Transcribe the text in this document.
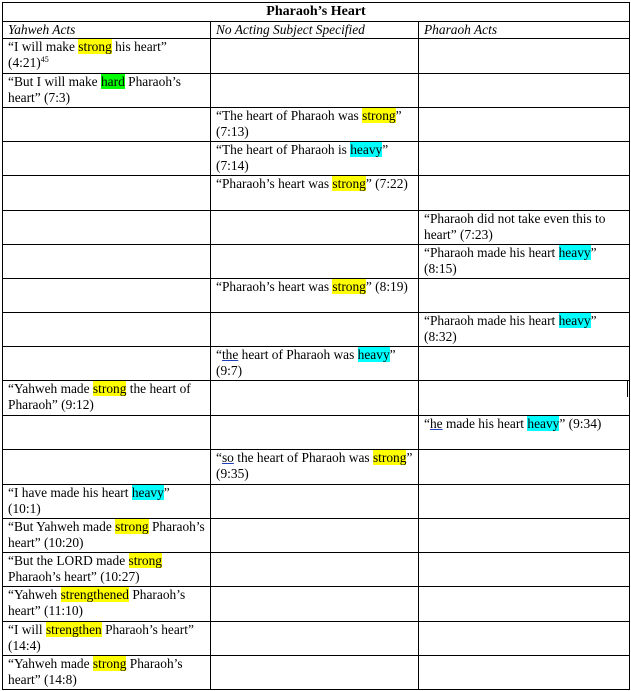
Pharaoh’s Heart		
Yahweh Acts	No Acting Subject Specified	Pharaoh Acts
“I will make strong his heart” (4:21)$^{45}$		
“But I will make hard Pharaoh’s heart” (7:3)		
	“The heart of Pharaoh was strong” (7:13)	
	“The heart of Pharaoh is heavy” (7:14)	
	“Pharaoh’s heart was strong” (7:22)	
		“Pharaoh did not take even this to heart” (7:23)
		“Pharaoh made his heart heavy” (8:15)
	“Pharaoh’s heart was strong” (8:19)	
		“Pharaoh made his heart heavy” (8:32)
	“the heart of Pharaoh was heavy” (9:7)	
“Yahweh made strong the heart of Pharaoh” (9:12)		
		“he made his heart heavy” (9:34)
	“so the heart of Pharaoh was strong” (9:35)	
“I have made his heart heavy” (10:1)		
“But Yahweh made strong Pharaoh’s heart” (10:20)		
“But the LORD made strong Pharaoh’s heart” (10:27)		
“Yahweh strengthened Pharaoh’s heart” (11:10)		
“I will strengthen Pharaoh’s heart” (14:4)		
“Yahweh made strong Pharaoh’s heart” (14:8)		
